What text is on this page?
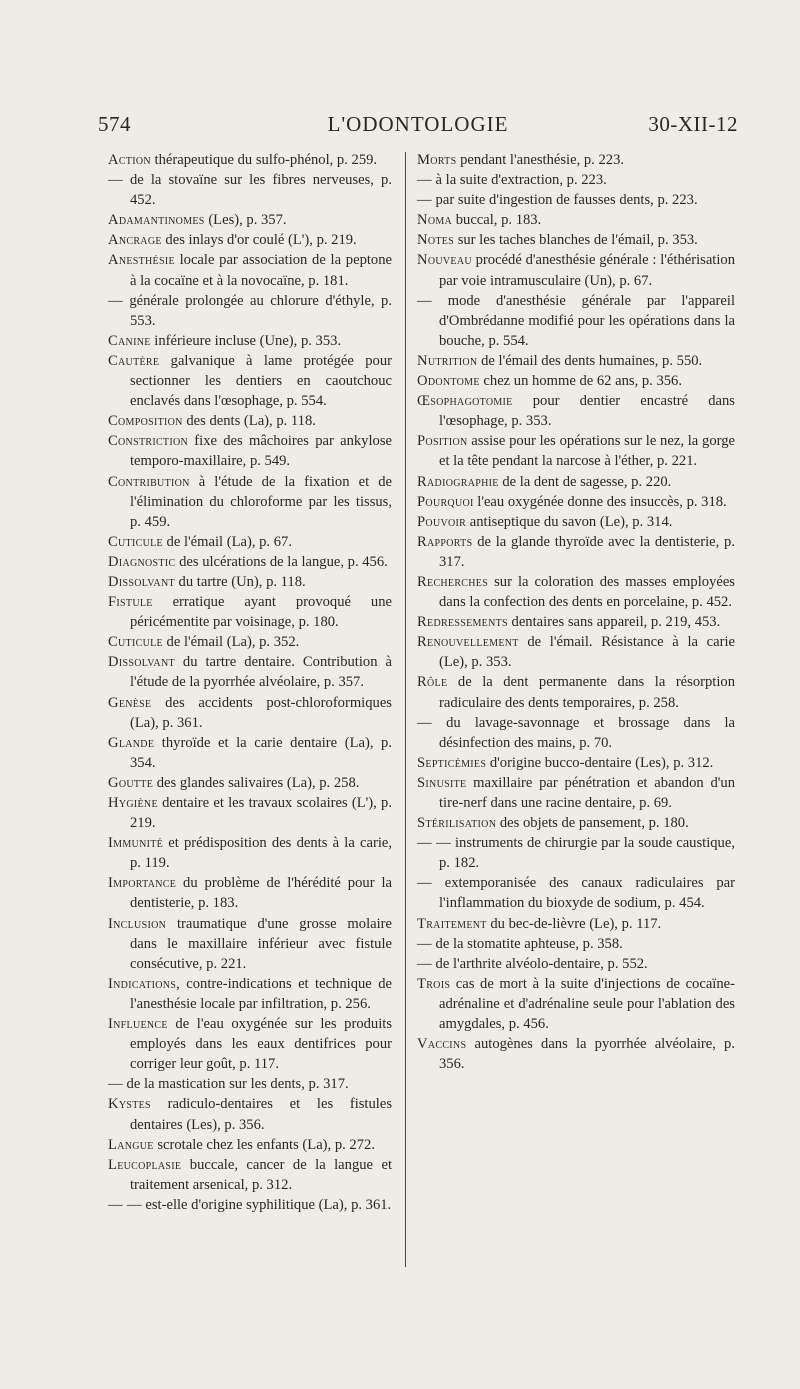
574	L'ODONTOLOGIE	30-XII-12

Action thérapeutique du sulfo-phénol, p. 259.

— de la stovaïne sur les fibres nerveuses, p. 452.

Adamantinomes (Les), p. 357.

Ancrage des inlays d'or coulé (L'), p. 219.

Anesthésie locale par association de la peptone à la cocaïne et à la novocaïne, p. 181.

— générale prolongée au chlorure d'éthyle, p. 553.

Canine inférieure incluse (Une), p. 353.

Cautère galvanique à lame protégée pour sectionner les dentiers en caoutchouc enclavés dans l'œsophage, p. 554.

Composition des dents (La), p. 118.

Constriction fixe des mâchoires par ankylose temporo-maxillaire, p. 549.

Contribution à l'étude de la fixation et de l'élimination du chloroforme par les tissus, p. 459.

Cuticule de l'émail (La), p. 67.

Diagnostic des ulcérations de la langue, p. 456.

Dissolvant du tartre (Un), p. 118.

Fistule erratique ayant provoqué une péricémentite par voisinage, p. 180.

Cuticule de l'émail (La), p. 352.

Dissolvant du tartre dentaire. Contribution à l'étude de la pyorrhée alvéolaire, p. 357.

Genèse des accidents post-chloroformiques (La), p. 361.

Glande thyroïde et la carie dentaire (La), p. 354.

Goutte des glandes salivaires (La), p. 258.

Hygiène dentaire et les travaux scolaires (L'), p. 219.

Immunité et prédisposition des dents à la carie, p. 119.

Importance du problème de l'hérédité pour la dentisterie, p. 183.

Inclusion traumatique d'une grosse molaire dans le maxillaire inférieur avec fistule consécutive, p. 221.

Indications, contre-indications et technique de l'anesthésie locale par infiltration, p. 256.

Influence de l'eau oxygénée sur les produits employés dans les eaux dentifrices pour corriger leur goût, p. 117.

— de la mastication sur les dents, p. 317.

Kystes radiculo-dentaires et les fistules dentaires (Les), p. 356.

Langue scrotale chez les enfants (La), p. 272.

Leucoplasie buccale, cancer de la langue et traitement arsenical, p. 312.

— — est-elle d'origine syphilitique (La), p. 361.

Morts pendant l'anesthésie, p. 223.

— à la suite d'extraction, p. 223.

— par suite d'ingestion de fausses dents, p. 223.

Noma buccal, p. 183.

Notes sur les taches blanches de l'émail, p. 353.

Nouveau procédé d'anesthésie générale : l'éthérisation par voie intramusculaire (Un), p. 67.

— mode d'anesthésie générale par l'appareil d'Ombrédanne modifié pour les opérations dans la bouche, p. 554.

Nutrition de l'émail des dents humaines, p. 550.

Odontome chez un homme de 62 ans, p. 356.

Œsophagotomie pour dentier encastré dans l'œsophage, p. 353.

Position assise pour les opérations sur le nez, la gorge et la tête pendant la narcose à l'éther, p. 221.

Radiographie de la dent de sagesse, p. 220.

Pourquoi l'eau oxygénée donne des insuccès, p. 318.

Pouvoir antiseptique du savon (Le), p. 314.

Rapports de la glande thyroïde avec la dentisterie, p. 317.

Recherches sur la coloration des masses employées dans la confection des dents en porcelaine, p. 452.

Redressements dentaires sans appareil, p. 219, 453.

Renouvellement de l'émail. Résistance à la carie (Le), p. 353.

Rôle de la dent permanente dans la résorption radiculaire des dents temporaires, p. 258.

— du lavage-savonnage et brossage dans la désinfection des mains, p. 70.

Septicémies d'origine bucco-dentaire (Les), p. 312.

Sinusite maxillaire par pénétration et abandon d'un tire-nerf dans une racine dentaire, p. 69.

Stérilisation des objets de pansement, p. 180.

— — instruments de chirurgie par la soude caustique, p. 182.

— extemporanisée des canaux radiculaires par l'inflammation du bioxyde de sodium, p. 454.

Traitement du bec-de-lièvre (Le), p. 117.

— de la stomatite aphteuse, p. 358.

— de l'arthrite alvéolo-dentaire, p. 552.

Trois cas de mort à la suite d'injections de cocaïne-adrénaline et d'adrénaline seule pour l'ablation des amygdales, p. 456.

Vaccins autogènes dans la pyorrhée alvéolaire, p. 356.
